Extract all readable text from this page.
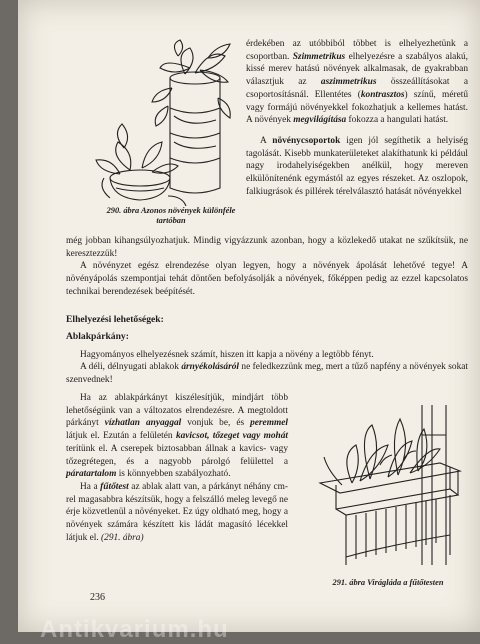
290. ábra Azonos növények különféle tartóban

érdekében az utóbbiból többet is elhelyezhetünk a csoportban. Szimmetrikus elhelyezésre a szabályos alakú, kissé merev hatású növények alkalmasak, de gyakrabban választjuk az aszimmetrikus összeállításokat a csoportosításnál. Ellentétes (kontrasztos) színű, méretű vagy formájú növényekkel fokozhatjuk a kellemes hatást. A növények megvilágítása fokozza a hangulati hatást.

A növénycsoportok igen jól segíthetik a helyiség tagolását. Kisebb munkaterületeket alakíthatunk ki például nagy irodahelyiségekben anélkül, hogy mereven elkülönítenénk egymástól az egyes részeket. Az oszlopok, falkiugrások és pillérek térelválasztó hatását növényekkel

még jobban kihangsúlyozhatjuk. Mindig vigyázzunk azonban, hogy a közlekedő utakat ne szűkítsük, ne keresztezzük!

A növényzet egész elrendezése olyan legyen, hogy a növények ápolását lehetővé tegye! A növényápolás szempontjai tehát döntően befolyásolják a növények, főképpen pedig az ezzel kapcsolatos technikai berendezések beépítését.

Elhelyezési lehetőségek:

Ablakpárkány:

Hagyományos elhelyezésnek számít, hiszen itt kapja a növény a legtöbb fényt.

A déli, délnyugati ablakok árnyékolásáról ne feledkezzünk meg, mert a tűző napfény a növények sokat szenvednek!

Ha az ablakpárkányt kiszélesítjük, mindjárt több lehetőségünk van a változatos elrendezésre. A megtoldott párkányt vízhatlan anyaggal vonjuk be, és peremmel látjuk el. Ezután a felületén kavicsot, tőzeget vagy mohát terítünk el. A cserepek biztosabban állnak a kavics- vagy tőzegrétegen, és a nagyobb párolgó felülettel a páratartalom is könnyebben szabályozható.

Ha a fűtőtest az ablak alatt van, a párkányt néhány cm-rel magasabbra készítsük, hogy a felszálló meleg levegő ne érje közvetlenül a növényeket. Ez úgy oldható meg, hogy a növények számára készített kis ládát magasító lécekkel látjuk el. (291. ábra)

291. ábra Virágláda a fűtőtesten
236
Antikvarium.hu
